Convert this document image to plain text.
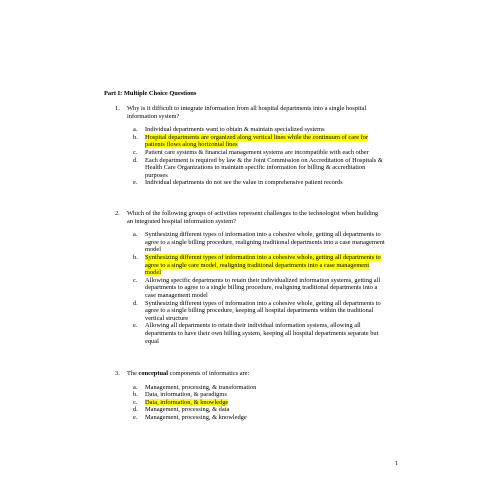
Part I: Multiple Choice Questions
1. Why is it difficult to integrate information from all hospital departments into a single hospital information system?
a. Individual departments want to obtain & maintain specialized systems
b. Hospital departments are organized along vertical lines while the continuum of care for patients flows along horizontal lines
c. Patient care systems & financial management systems are incompatible with each other
d. Each department is required by law & the Joint Commission on Accreditation of Hospitals & Health Care Organizations to maintain specific information for billing & accreditation purposes
e. Individual departments do not see the value in comprehensive patient records
2. Which of the following groups of activities represent challenges to the technologist when building an integrated hospital information system?
a. Synthesizing different types of information into a cohesive whole, getting all departments to agree to a single billing procedure, realigning traditional departments into a case management model
b. Synthesizing different types of information into a cohesive whole, getting all departments to agree to a single care model, realigning traditional departments into a case management model
c. Allowing specific departments to retain their individualized information systems, getting all departments to agree to a single billing procedure, realigning traditional departments into a case management model
d. Synthesizing different types of information into a cohesive whole, getting all departments to agree to a single billing procedure, keeping all hospital departments within the traditional vertical structure
e. Allowing all departments to retain their individual information systems, allowing all departments to have their own billing system, keeping all hospital departments separate but equal
3. The conceptual components of informatics are:
a. Management, processing, & transformation
b. Data, information, & paradigms
c. Data, information, & knowledge
d. Management, processing, & data
e. Management, processing, & knowledge
1
